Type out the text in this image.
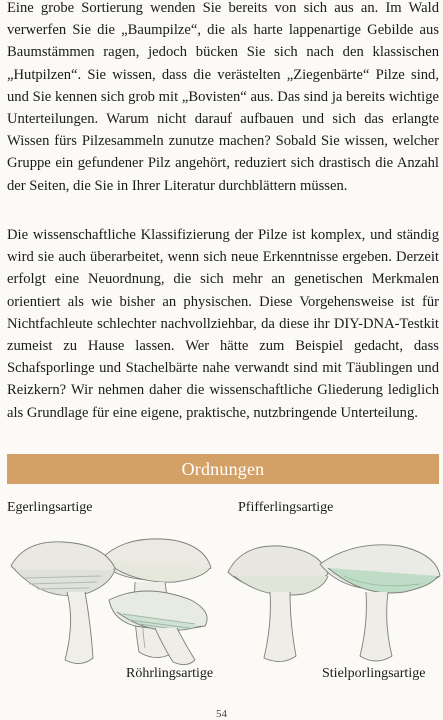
Eine grobe Sortierung wenden Sie bereits von sich aus an. Im Wald verwerfen Sie die „Baumpilze“, die als harte lappenartige Gebilde aus Baumstämmen ragen, jedoch bücken Sie sich nach den klassischen „Hutpilzen“. Sie wissen, dass die verästelten „Ziegenbärte“ Pilze sind, und Sie kennen sich grob mit „Bovisten“ aus. Das sind ja bereits wichtige Unterteilungen. Warum nicht darauf aufbauen und sich das erlangte Wissen fürs Pilzesammeln zunutze machen? Sobald Sie wissen, welcher Gruppe ein gefundener Pilz angehört, reduziert sich drastisch die Anzahl der Seiten, die Sie in Ihrer Literatur durchblättern müssen.

Die wissenschaftliche Klassifizierung der Pilze ist komplex, und ständig wird sie auch überarbeitet, wenn sich neue Erkenntnisse ergeben. Derzeit erfolgt eine Neuordnung, die sich mehr an genetischen Merkmalen orientiert als wie bisher an physischen. Diese Vorgehensweise ist für Nichtfachleute schlechter nachvollziehbar, da diese ihr DIY-DNA-Testkit zumeist zu Hause lassen. Wer hätte zum Beispiel gedacht, dass Schafsporlinge und Stachelbärte nahe verwandt sind mit Täublingen und Reizkern? Wir nehmen daher die wissenschaftliche Gliederung lediglich als Grundlage für eine eigene, praktische, nutzbringende Unterteilung.

Ordnungen
Egerlingsartige	Pfifferlingsartige
Röhrlingsartige	Stielporlingsartige
54
